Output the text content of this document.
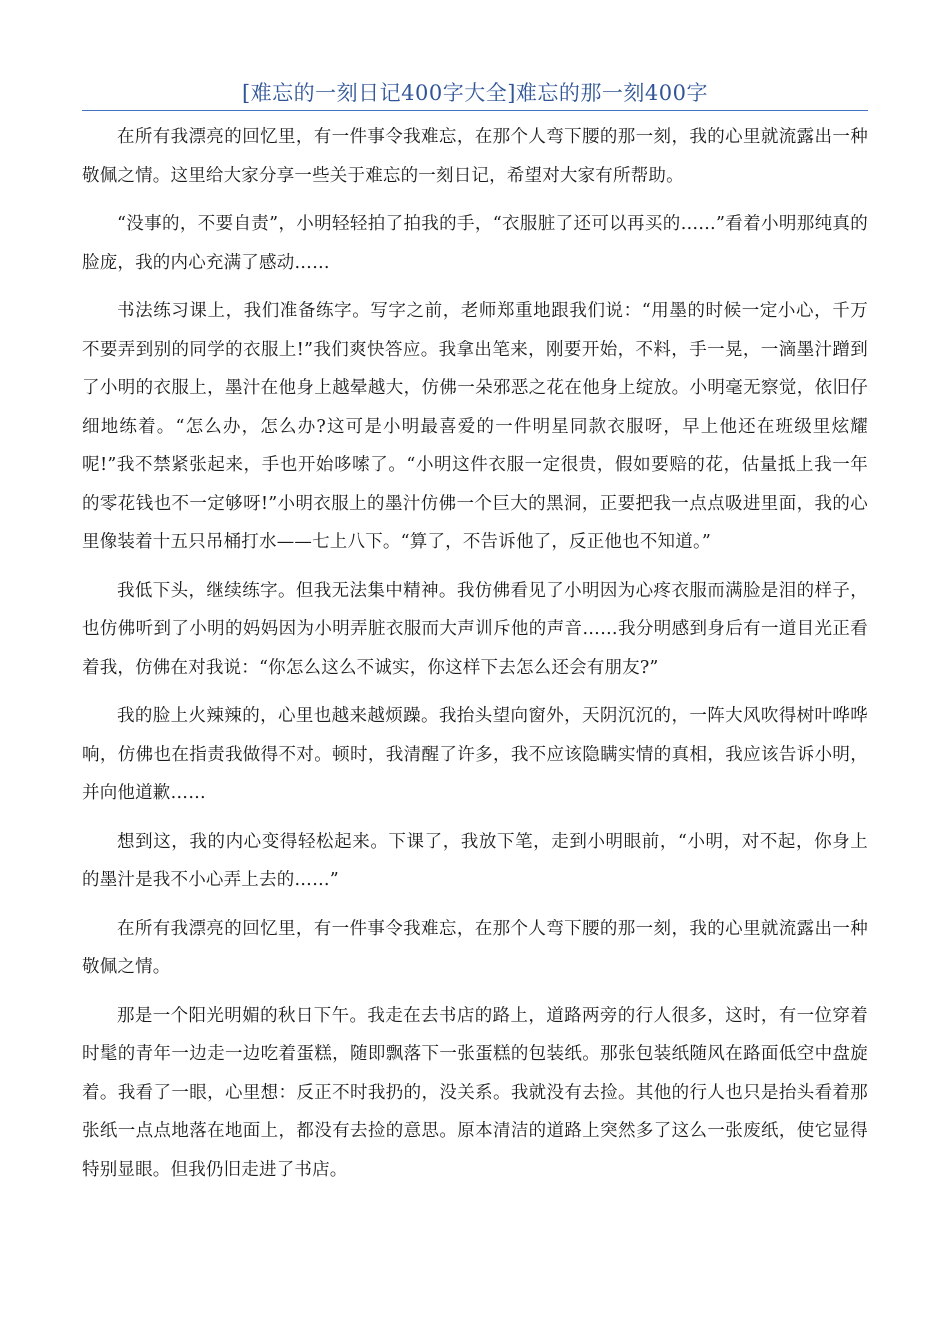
[难忘的一刻日记400字大全]难忘的那一刻400字

在所有我漂亮的回忆里，有一件事令我难忘，在那个人弯下腰的那一刻，我的心里就流露出一种敬佩之情。这里给大家分享一些关于难忘的一刻日记，希望对大家有所帮助。

“没事的，不要自责”，小明轻轻拍了拍我的手，“衣服脏了还可以再买的……”看着小明那纯真的脸庞，我的内心充满了感动……

书法练习课上，我们准备练字。写字之前，老师郑重地跟我们说：“用墨的时候一定小心，千万不要弄到别的同学的衣服上!”我们爽快答应。我拿出笔来，刚要开始，不料，手一晃，一滴墨汁蹭到了小明的衣服上，墨汁在他身上越晕越大，仿佛一朵邪恶之花在他身上绽放。小明毫无察觉，依旧仔细地练着。“怎么办，怎么办?这可是小明最喜爱的一件明星同款衣服呀，早上他还在班级里炫耀呢!”我不禁紧张起来，手也开始哆嗦了。“小明这件衣服一定很贵，假如要赔的花，估量抵上我一年的零花钱也不一定够呀!”小明衣服上的墨汁仿佛一个巨大的黑洞，正要把我一点点吸进里面，我的心里像装着十五只吊桶打水——七上八下。“算了，不告诉他了，反正他也不知道。”

我低下头，继续练字。但我无法集中精神。我仿佛看见了小明因为心疼衣服而满脸是泪的样子，也仿佛听到了小明的妈妈因为小明弄脏衣服而大声训斥他的声音……我分明感到身后有一道目光正看着我，仿佛在对我说：“你怎么这么不诚实，你这样下去怎么还会有朋友?”

我的脸上火辣辣的，心里也越来越烦躁。我抬头望向窗外，天阴沉沉的，一阵大风吹得树叶哗哗响，仿佛也在指责我做得不对。顿时，我清醒了许多，我不应该隐瞒实情的真相，我应该告诉小明，并向他道歉……

想到这，我的内心变得轻松起来。下课了，我放下笔，走到小明眼前，“小明，对不起，你身上的墨汁是我不小心弄上去的……”

在所有我漂亮的回忆里，有一件事令我难忘，在那个人弯下腰的那一刻，我的心里就流露出一种敬佩之情。

那是一个阳光明媚的秋日下午。我走在去书店的路上，道路两旁的行人很多，这时，有一位穿着时髦的青年一边走一边吃着蛋糕，随即飘落下一张蛋糕的包装纸。那张包装纸随风在路面低空中盘旋着。我看了一眼，心里想：反正不时我扔的，没关系。我就没有去捡。其他的行人也只是抬头看着那张纸一点点地落在地面上，都没有去捡的意思。原本清洁的道路上突然多了这么一张废纸，使它显得特别显眼。但我仍旧走进了书店。
